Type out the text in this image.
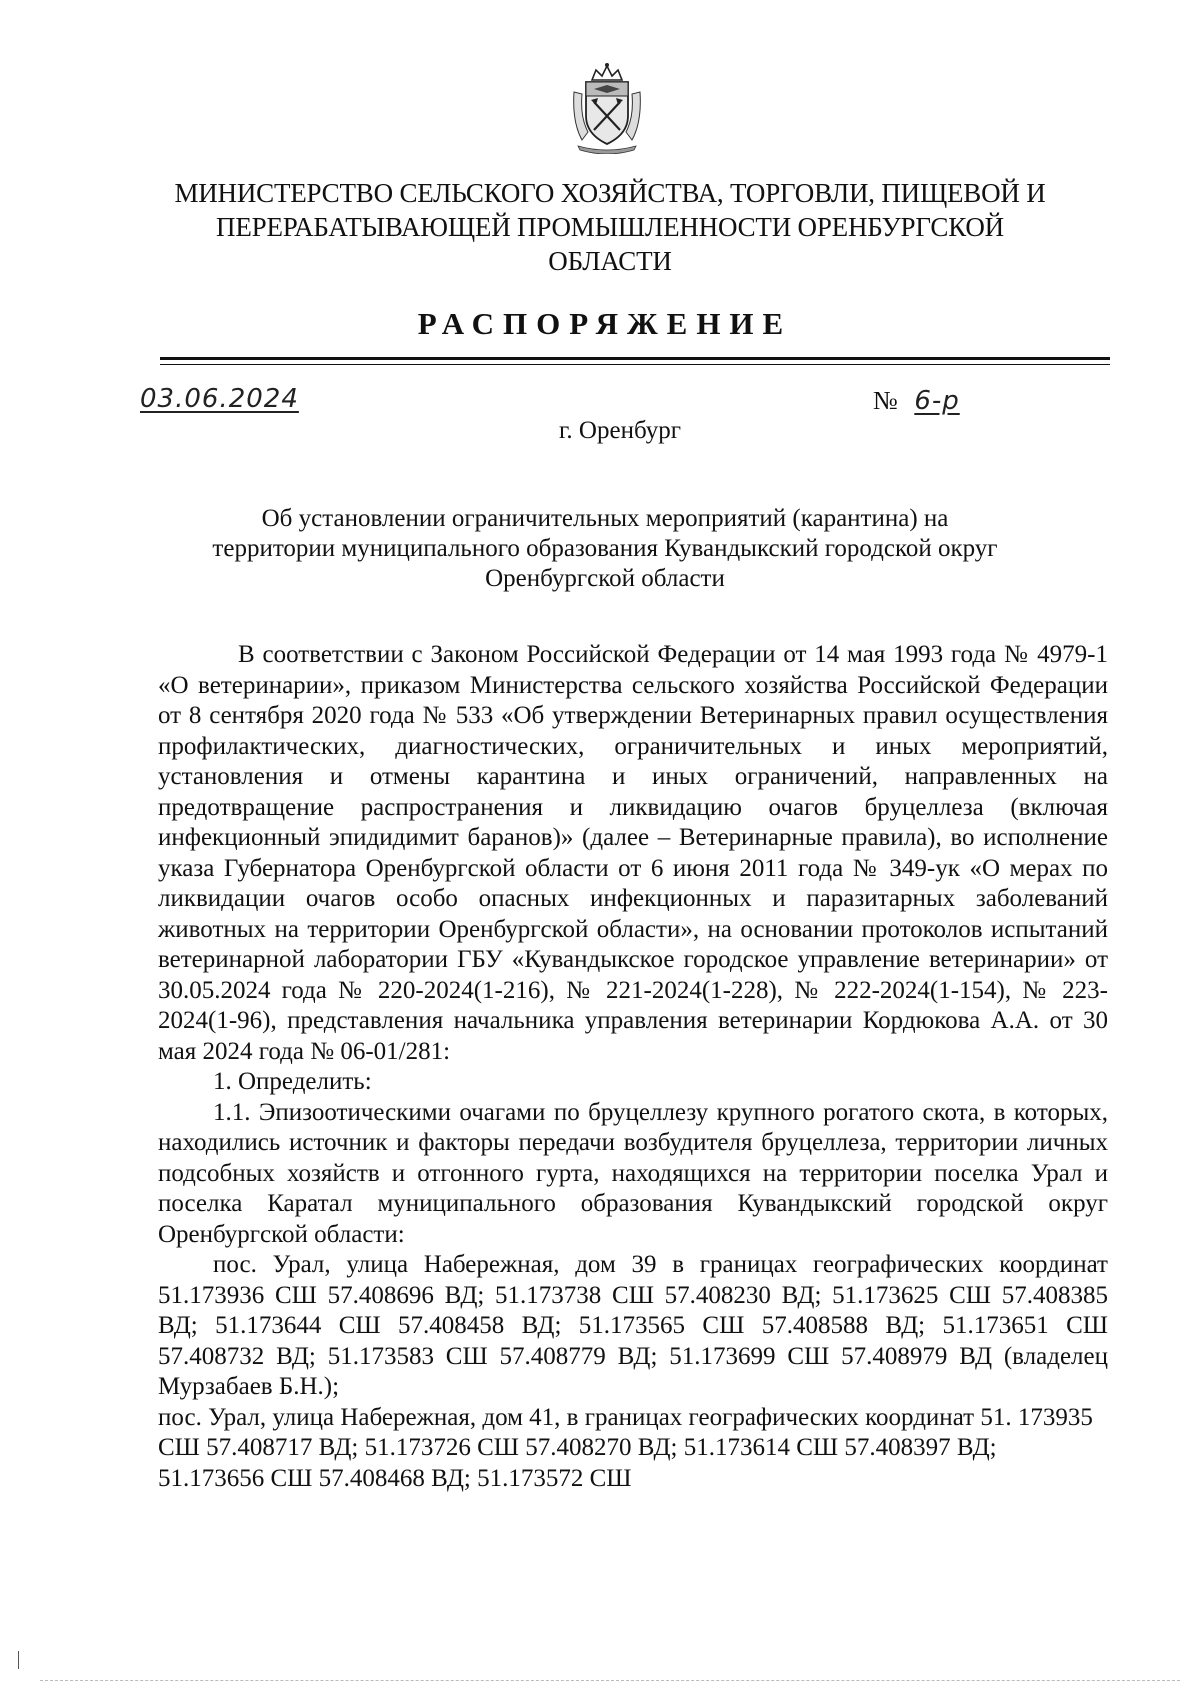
МИНИСТЕРСТВО СЕЛЬСКОГО ХОЗЯЙСТВА, ТОРГОВЛИ, ПИЩЕВОЙ И
ПЕРЕРАБАТЫВАЮЩЕЙ ПРОМЫШЛЕННОСТИ ОРЕНБУРГСКОЙ
ОБЛАСТИ
РАСПОРЯЖЕНИЕ
03.06.2024	№ 6-р
г. Оренбург
Об установлении ограничительных мероприятий (карантина) на
территории муниципального образования Кувандыкский городской округ
Оренбургской области

В соответствии с Законом Российской Федерации от 14 мая 1993 года № 4979-1 «О ветеринарии», приказом Министерства сельского хозяйства Российской Федерации от 8 сентября 2020 года № 533 «Об утверждении Ветеринарных правил осуществления профилактических, диагностических, ограничительных и иных мероприятий, установления и отмены карантина и иных ограничений, направленных на предотвращение распространения и ликвидацию очагов бруцеллеза (включая инфекционный эпидидимит баранов)» (далее – Ветеринарные правила), во исполнение указа Губернатора Оренбургской области от 6 июня 2011 года № 349-ук «О мерах по ликвидации очагов особо опасных инфекционных и паразитарных заболеваний животных на территории Оренбургской области», на основании протоколов испытаний ветеринарной лаборатории ГБУ «Кувандыкское городское управление ветеринарии» от 30.05.2024 года № 220-2024(1-216), № 221-2024(1-228), № 222-2024(1-154), № 223-2024(1-96), представления начальника управления ветеринарии Кордюкова А.А. от 30 мая 2024 года № 06-01/281:

1. Определить:

1.1. Эпизоотическими очагами по бруцеллезу крупного рогатого скота, в которых, находились источник и факторы передачи возбудителя бруцеллеза, территории личных подсобных хозяйств и отгонного гурта, находящихся на территории поселка Урал и поселка Каратал муниципального образования Кувандыкский городской округ Оренбургской области:

пос. Урал, улица Набережная, дом 39 в границах географических координат 51.173936 СШ 57.408696 ВД; 51.173738 СШ 57.408230 ВД; 51.173625 СШ 57.408385 ВД; 51.173644 СШ 57.408458 ВД; 51.173565 СШ 57.408588 ВД; 51.173651 СШ 57.408732 ВД; 51.173583 СШ 57.408779 ВД; 51.173699 СШ 57.408979 ВД (владелец Мурзабаев Б.Н.);

пос. Урал, улица Набережная, дом 41, в границах географических координат 51. 173935 СШ 57.408717 ВД; 51.173726 СШ 57.408270 ВД; 51.173614 СШ 57.408397 ВД; 51.173656 СШ 57.408468 ВД; 51.173572 СШ
